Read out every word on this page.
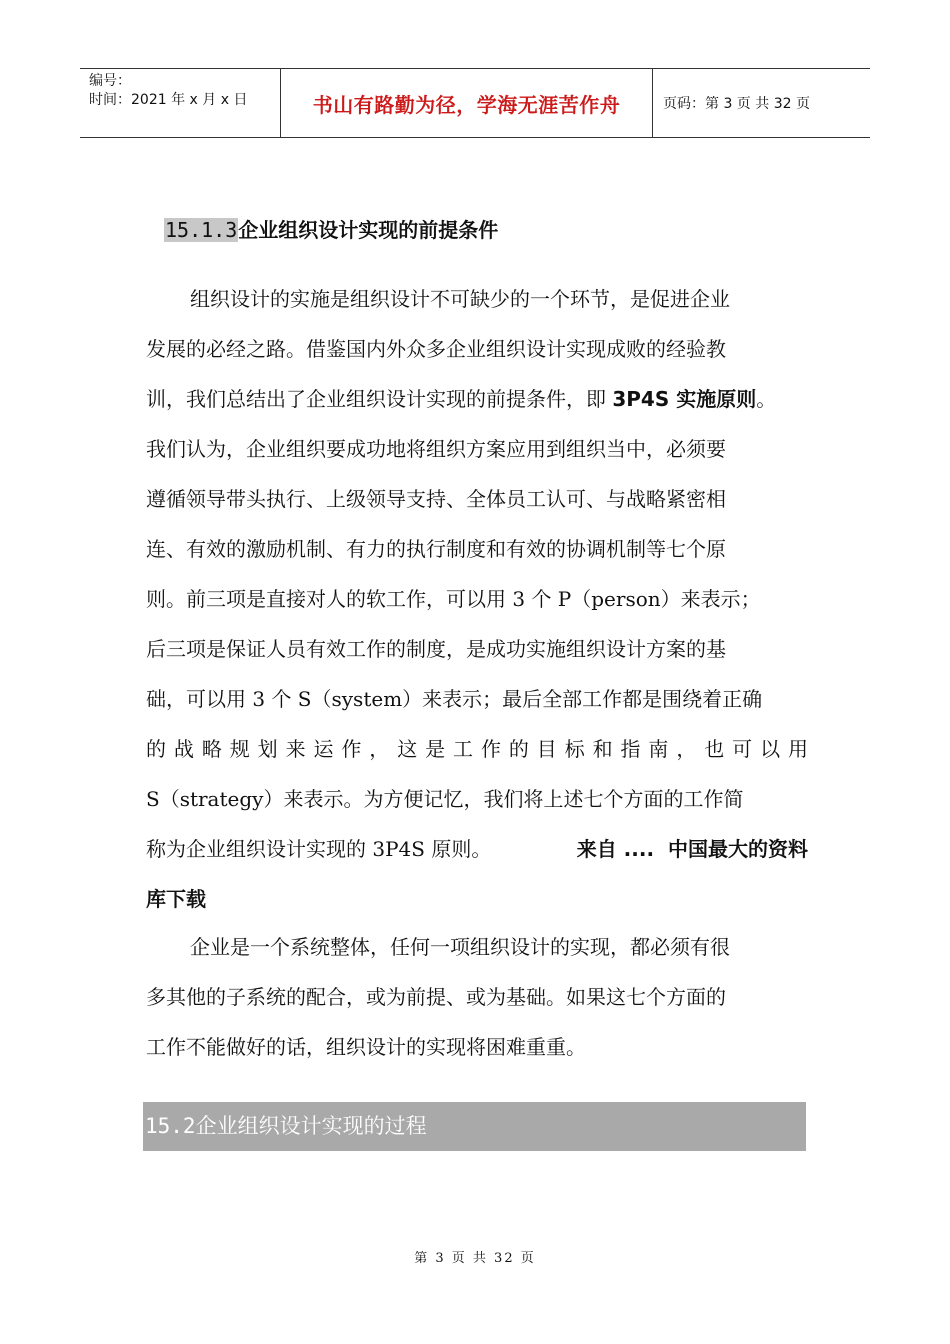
编号：
时间：2021 年 x 月 x 日	书山有路勤为径，学海无涯苦作舟	页码：第 3 页 共 32 页
15.1.3企业组织设计实现的前提条件
组织设计的实施是组织设计不可缺少的一个环节，是促进企业
发展的必经之路。借鉴国内外众多企业组织设计实现成败的经验教
训，我们总结出了企业组织设计实现的前提条件，即 3P4S 实施原则。
我们认为，企业组织要成功地将组织方案应用到组织当中，必须要
遵循领导带头执行、上级领导支持、全体员工认可、与战略紧密相
连、有效的激励机制、有力的执行制度和有效的协调机制等七个原
则。前三项是直接对人的软工作，可以用 3 个 P（person）来表示；
后三项是保证人员有效工作的制度，是成功实施组织设计方案的基
础，可以用 3 个 S（system）来表示；最后全部工作都是围绕着正确
的战略规划来运作，这是工作的目标和指南，也可以用
S（strategy）来表示。为方便记忆，我们将上述七个方面的工作简
称为企业组织设计实现的 3P4S 原则。	来自 ....  中国最大的资料
库下载
企业是一个系统整体，任何一项组织设计的实现，都必须有很
多其他的子系统的配合，或为前提、或为基础。如果这七个方面的
工作不能做好的话，组织设计的实现将困难重重。
15.2企业组织设计实现的过程
第 3 页 共 32 页
